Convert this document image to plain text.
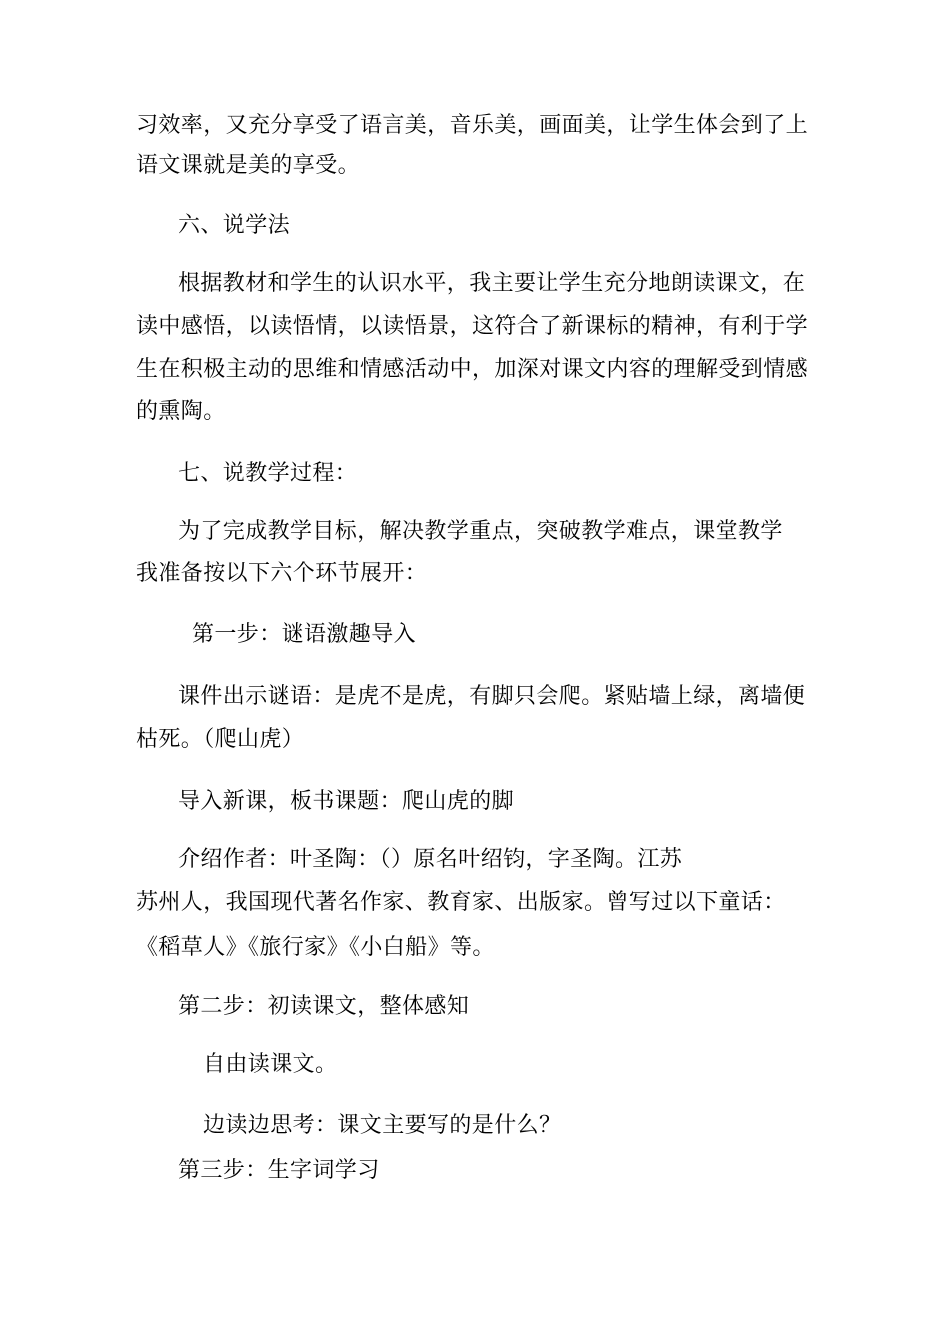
习效率，又充分享受了语言美，音乐美，画面美，让学生体会到了上
语文课就是美的享受。
六、说学法
根据教材和学生的认识水平，我主要让学生充分地朗读课文，在
读中感悟，以读悟情，以读悟景，这符合了新课标的精神，有利于学
生在积极主动的思维和情感活动中，加深对课文内容的理解受到情感
的熏陶。
七、说教学过程：
为了完成教学目标，解决教学重点，突破教学难点，课堂教学
我准备按以下六个环节展开：
第一步：谜语激趣导入
课件出示谜语：是虎不是虎，有脚只会爬。紧贴墙上绿，离墙便
枯死。（爬山虎）
导入新课，板书课题：爬山虎的脚
介绍作者：叶圣陶：（）原名叶绍钧，字圣陶。江苏
苏州人，我国现代著名作家、教育家、出版家。曾写过以下童话：
《稻草人》《旅行家》《小白船》等。
第二步：初读课文，整体感知
自由读课文。
边读边思考：课文主要写的是什么？
第三步：生字词学习
